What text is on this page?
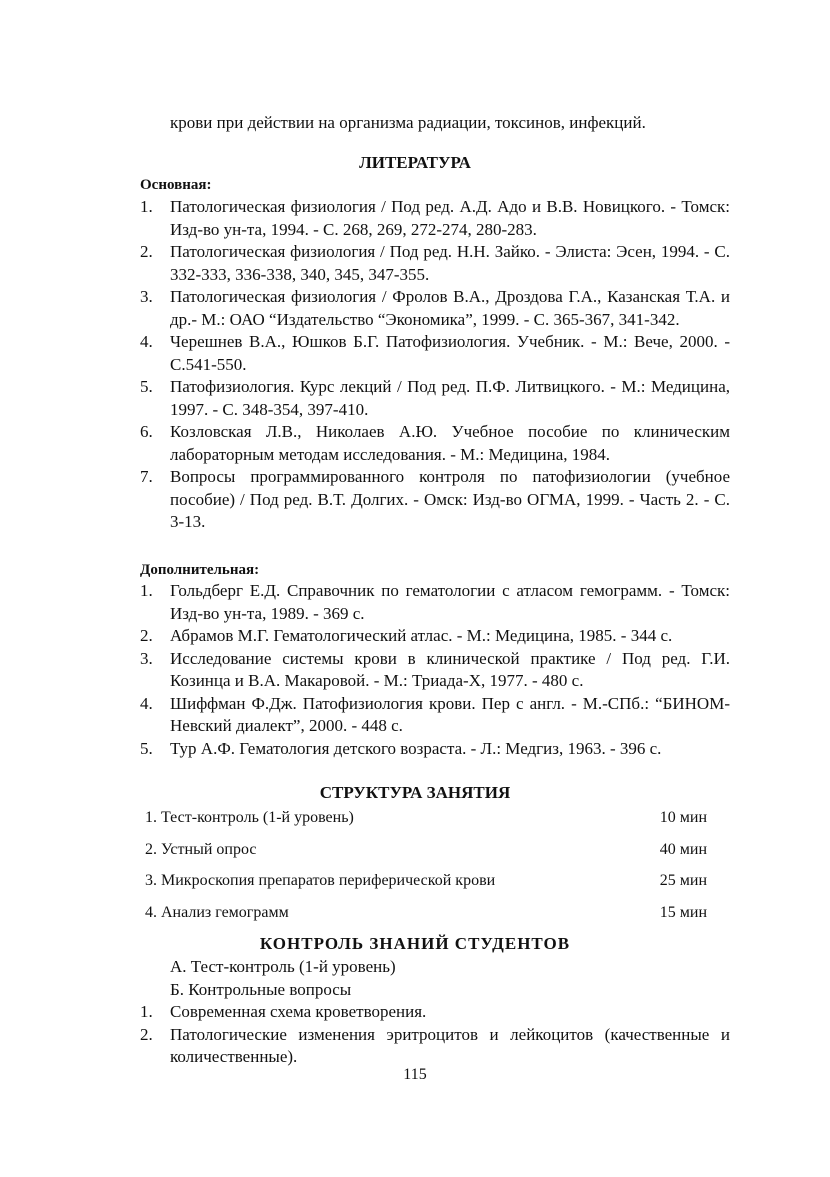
крови при действии на организма радиации, токсинов, инфекций.
ЛИТЕРАТУРА
Основная:
1.	Патологическая физиология / Под ред. А.Д. Адо и В.В. Новицкого. - Томск: Изд-во ун-та, 1994. - С. 268, 269, 272-274, 280-283.
2.	Патологическая физиология / Под ред. Н.Н. Зайко. - Элиста: Эсен, 1994. - С. 332-333, 336-338, 340, 345, 347-355.
3.	Патологическая физиология / Фролов В.А., Дроздова Г.А., Казанская Т.А. и др.- М.: ОАО “Издательство “Экономика”, 1999. - С. 365-367, 341-342.
4.	Черешнев В.А., Юшков Б.Г. Патофизиология. Учебник. - М.: Вече, 2000. - С.541-550.
5.	Патофизиология. Курс лекций / Под ред. П.Ф. Литвицкого. - М.: Медицина, 1997. - С. 348-354, 397-410.
6.	Козловская Л.В., Николаев А.Ю. Учебное пособие по клиническим лабораторным методам исследования. - М.: Медицина, 1984.
7.	Вопросы программированного контроля по патофизиологии (учебное пособие) / Под ред. В.Т. Долгих. - Омск: Изд-во ОГМА, 1999. - Часть 2. - С. 3-13.
Дополнительная:
1.	Гольдберг Е.Д. Справочник по гематологии с атласом гемограмм. - Томск: Изд-во ун-та, 1989. - 369 с.
2.	Абрамов М.Г. Гематологический атлас. - М.: Медицина, 1985. - 344 с.
3.	Исследование системы крови в клинической практике / Под ред. Г.И. Козинца и В.А. Макаровой. - М.: Триада-Х, 1977. - 480 с.
4.	Шиффман Ф.Дж. Патофизиология крови. Пер с англ. - М.-СПб.: “БИНОМ-Невский диалект”, 2000. - 448 с.
5.	Тур А.Ф. Гематология детского возраста. - Л.: Медгиз, 1963. - 396 с.
СТРУКТУРА ЗАНЯТИЯ
1. Тест-контроль (1-й уровень)	10 мин
2. Устный опрос	40 мин
3. Микроскопия препаратов периферической крови	25 мин
4. Анализ гемограмм	15 мин
КОНТРОЛЬ ЗНАНИЙ СТУДЕНТОВ
А. Тест-контроль (1-й уровень)
Б. Контрольные вопросы
1.	Современная схема кроветворения.
2.	Патологические изменения эритроцитов и лейкоцитов (качественные и количественные).
115
